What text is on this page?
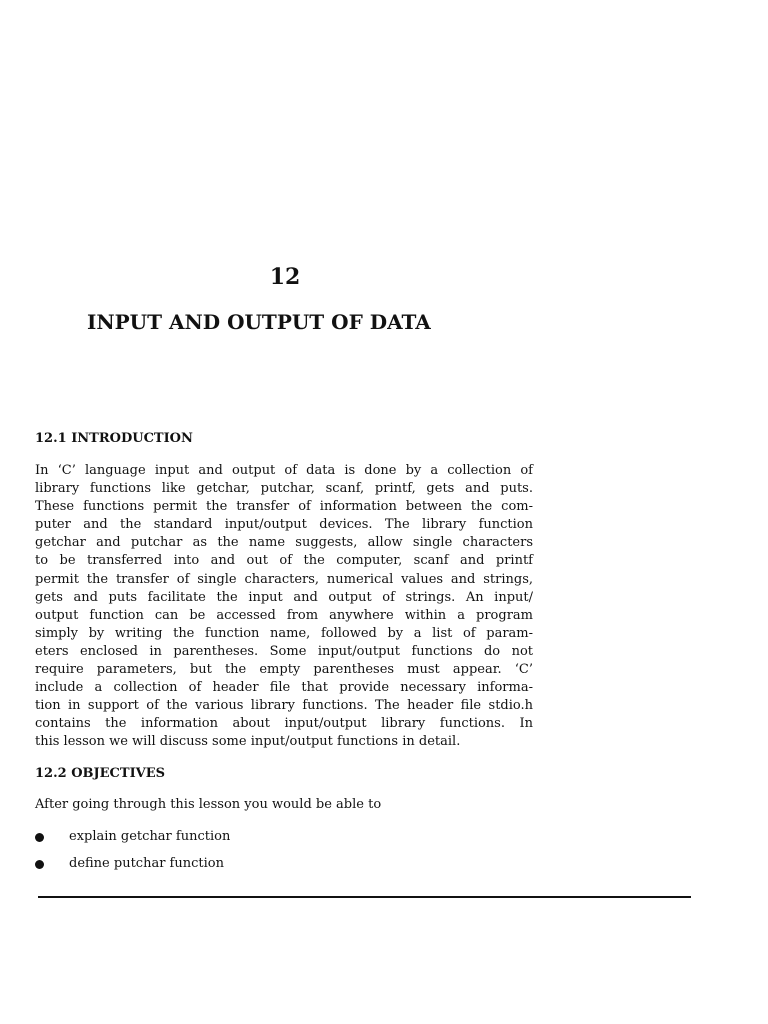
12
INPUT AND OUTPUT OF DATA
12.1 INTRODUCTION

In ‘C’ language input and output of data is done by a collection of
library functions like getchar, putchar, scanf, printf, gets and puts.
These functions permit the transfer of information between the com-
puter and the standard input/output devices. The library function
getchar and putchar as the name suggests, allow single characters
to be transferred into and out of the computer, scanf and printf
permit the transfer of single characters, numerical values and strings,
gets and puts facilitate the input and output of strings. An input/
output function can be accessed from anywhere within a program
simply by writing the function name, followed by a list of param-
eters enclosed in parentheses. Some input/output functions do not
require parameters, but the empty parentheses must appear. ‘C’
include a collection of header file that provide necessary informa-
tion in support of the various library functions. The header file stdio.h
contains the information about input/output library functions. In
this lesson we will discuss some input/output functions in detail.

12.2 OBJECTIVES

After going through this lesson you would be able to

explain getchar function
define putchar function
